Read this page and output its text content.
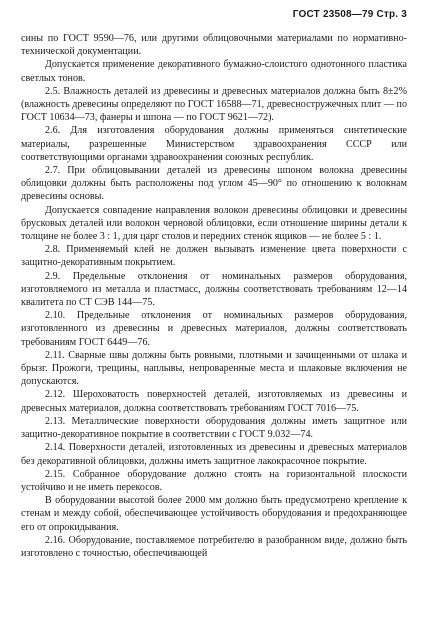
ГОСТ 23508—79 Стр. 3

сины по ГОСТ 9590—76, или другими облицовочными материалами по нормативно-технической документации.

Допускается применение декоративного бумажно-слоистого однотонного пластика светлых тонов.

2.5. Влажность деталей из древесины и древесных материалов должна быть 8±2% (влажность древесины определяют по ГОСТ 16588—71, древесностружечных плит — по ГОСТ 10634—73, фанеры и шпона — по ГОСТ 9621—72).

2.6. Для изготовления оборудования должны применяться синтетические материалы, разрешенные Министерством здравоохранения СССР или соответствующими органами здравоохранения союзных республик.

2.7. При облицовывании деталей из древесины шпоном волокна древесины облицовки должны быть расположены под углом 45—90° по отношению к волокнам древесины основы.

Допускается совпадение направления волокон древесины облицовки и древесины брусковых деталей или волокон черновой облицовки, если отношение ширины детали к толщине не более 3 : 1, для царг столов и передних стенок ящиков — не более 5 : 1.

2.8. Применяемый клей не должен вызывать изменение цвета поверхности с защитно-декоративным покрытием.

2.9. Предельные отклонения от номинальных размеров оборудования, изготовляемого из металла и пластмасс, должны соответствовать требованиям 12—14 квалитета по СТ СЭВ 144—75.

2.10. Предельные отклонения от номинальных размеров оборудования, изготовленного из древесины и древесных материалов, должны соответствовать требованиям ГОСТ 6449—76.

2.11. Сварные швы должны быть ровными, плотными и зачищенными от шлака и брызг. Прожоги, трещины, наплывы, непроваренные места и шлаковые включения не допускаются.

2.12. Шероховатость поверхностей деталей, изготовляемых из древесины и древесных материалов, должна соответствовать требованиям ГОСТ 7016—75.

2.13. Металлические поверхности оборудования должны иметь защитное или защитно-декоративное покрытие в соответствии с ГОСТ 9.032—74.

2.14. Поверхности деталей, изготовленных из древесины и древесных материалов без декоративной облицовки, должны иметь защитное лакокрасочное покрытие.

2.15. Собранное оборудование должно стоять на горизонтальной плоскости устойчиво и не иметь перекосов.

В оборудовании высотой более 2000 мм должно быть предусмотрено крепление к стенам и между собой, обеспечивающее устойчивость оборудования и предохраняющее его от опрокидывания.

2.16. Оборудование, поставляемое потребителю в разобранном виде, должно быть изготовлено с точностью, обеспечивающей
